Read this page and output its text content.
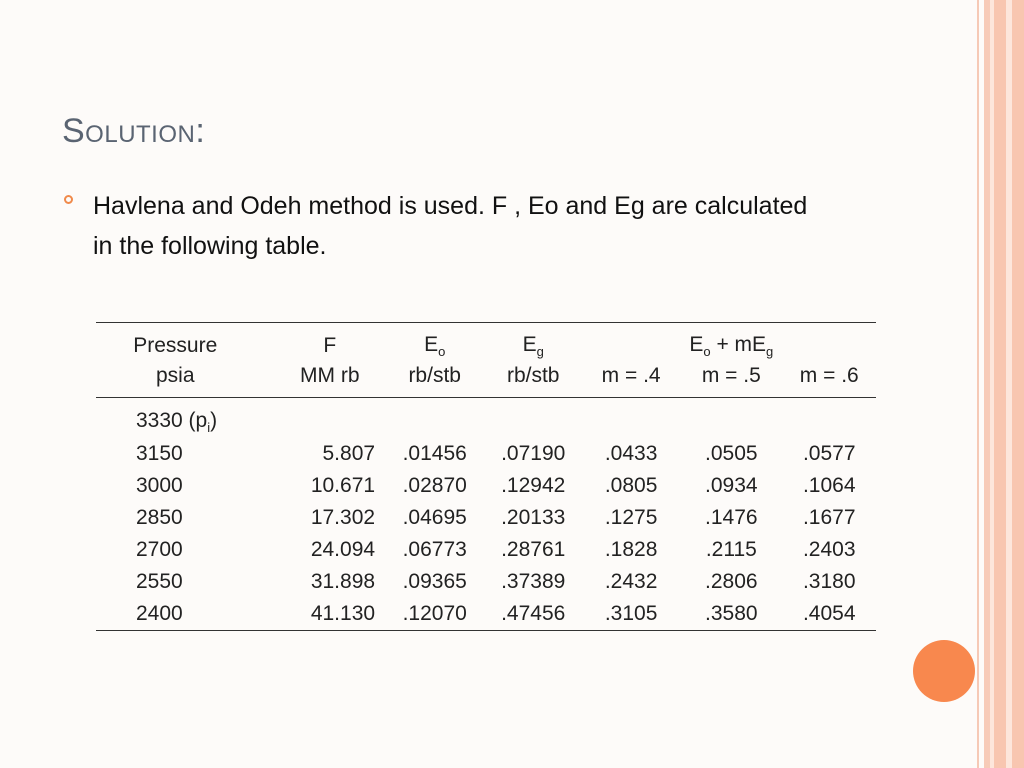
Solution:
Havlena and Odeh method is used. F , Eo and Eg are calculated in the following table.
Pressure	F	$E_o$	$E_g$		$E_o + mE_g$	
psia	MM rb	rb/stb	rb/stb	m = .4	m = .5	m = .6
3330 $(p_i)$						
3150	5.807	.01456	.07190	.0433	.0505	.0577
3000	10.671	.02870	.12942	.0805	.0934	.1064
2850	17.302	.04695	.20133	.1275	.1476	.1677
2700	24.094	.06773	.28761	.1828	.2115	.2403
2550	31.898	.09365	.37389	.2432	.2806	.3180
2400	41.130	.12070	.47456	.3105	.3580	.4054
